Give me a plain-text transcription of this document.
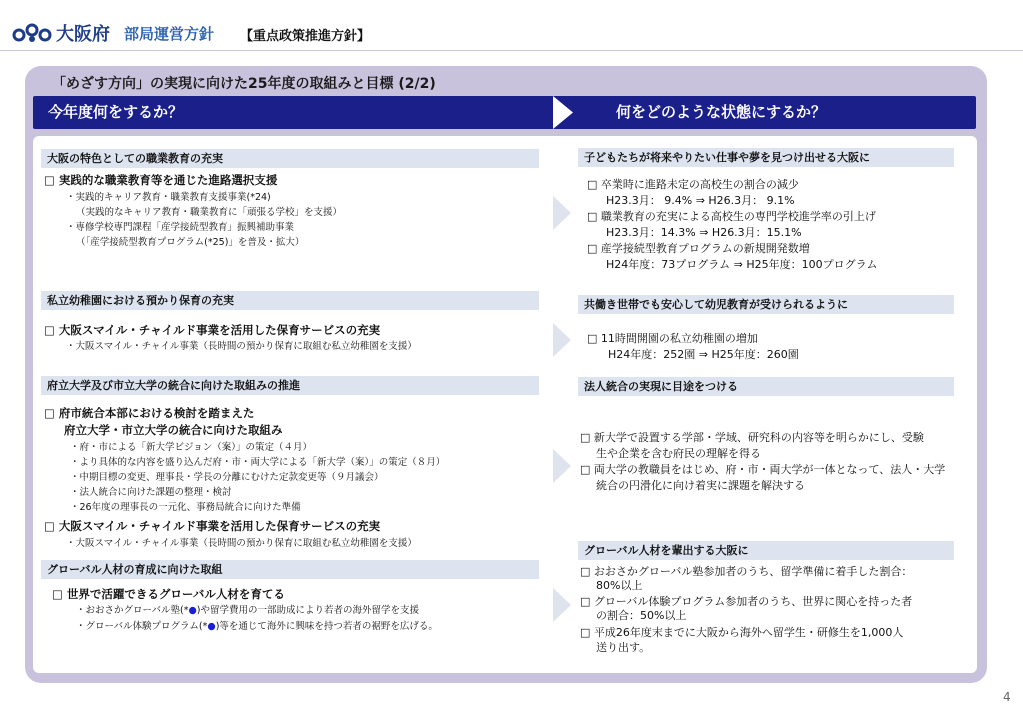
大阪府 部局運営方針 【重点政策推進方針】
「めざす方向」の実現に向けた25年度の取組みと目標 (2/2)
今年度何をするか？	何をどのような状態にするか？
大阪の特色としての職業教育の充実
□ 実践的な職業教育等を通じた進路選択支援
・実践的キャリア教育・職業教育支援事業(*24)
（実践的なキャリア教育・職業教育に「頑張る学校」を支援）
・専修学校専門課程「産学接続型教育」振興補助事業
（「産学接続型教育プログラム(*25)」を普及・拡大）
私立幼稚園における預かり保育の充実
□ 大阪スマイル・チャイルド事業を活用した保育サービスの充実
・大阪スマイル・チャイル事業（長時間の預かり保育に取組む私立幼稚園を支援）
府立大学及び市立大学の統合に向けた取組みの推進
□ 府市統合本部における検討を踏まえた
府立大学・市立大学の統合に向けた取組み
・府・市による「新大学ビジョン（案）」の策定（４月）
・より具体的な内容を盛り込んだ府・市・両大学による「新大学（案）」の策定（８月）
・中期目標の変更、理事長・学長の分離にむけた定款変更等（９月議会）
・法人統合に向けた課題の整理・検討
・26年度の理事長の一元化、事務局統合に向けた準備
□ 大阪スマイル・チャイルド事業を活用した保育サービスの充実
・大阪スマイル・チャイル事業（長時間の預かり保育に取組む私立幼稚園を支援）
グローバル人材の育成に向けた取組
□ 世界で活躍できるグローバル人材を育てる
・おおさかグローバル塾(*●)や留学費用の一部助成により若者の海外留学を支援
・グローバル体験プログラム(*●)等を通じて海外に興味を持つ若者の裾野を広げる。
子どもたちが将来やりたい仕事や夢を見つけ出せる大阪に
□ 卒業時に進路未定の高校生の割合の減少
H23.3月： 9.4% ⇒ H26.3月： 9.1%
□ 職業教育の充実による高校生の専門学校進学率の引上げ
H23.3月：14.3% ⇒ H26.3月：15.1%
□ 産学接続型教育プログラムの新規開発数増
H24年度：73プログラム ⇒ H25年度：100プログラム
共働き世帯でも安心して幼児教育が受けられるように
□ 11時間開園の私立幼稚園の増加
H24年度：252園 ⇒ H25年度：260園
法人統合の実現に目途をつける
□ 新大学で設置する学部・学域、研究科の内容等を明らかにし、受験
生や企業を含む府民の理解を得る
□ 両大学の教職員をはじめ、府・市・両大学が一体となって、法人・大学
統合の円滑化に向け着実に課題を解決する
グローバル人材を輩出する大阪に
□ おおさかグローバル塾参加者のうち、留学準備に着手した割合：
80%以上
□ グローバル体験プログラム参加者のうち、世界に関心を持った者
の割合：50%以上
□ 平成26年度末までに大阪から海外へ留学生・研修生を1,000人
送り出す。
4
